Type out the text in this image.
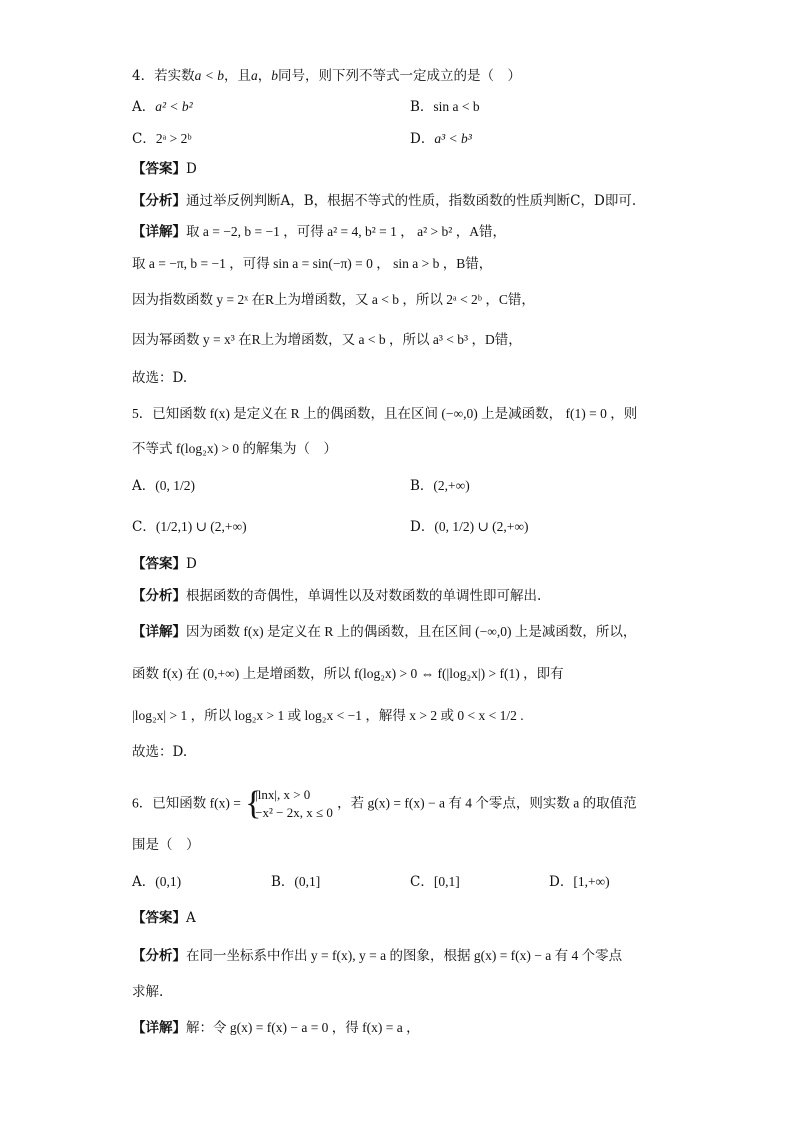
4．若实数a < b，且a，b同号，则下列不等式一定成立的是（　）
A．a² < b²	B．sin a < b
C．2ᵃ > 2ᵇ	D．a³ < b³
【答案】D
【分析】通过举反例判断A，B，根据不等式的性质，指数函数的性质判断C，D即可.
【详解】取 a = −2, b = −1 ，可得 a² = 4, b² = 1 ， a² > b² ，A错，
取 a = −π, b = −1 ，可得 sin a = sin(−π) = 0 ， sin a > b ，B错，
因为指数函数 y = 2ˣ 在R上为增函数，又 a < b ，所以 2ᵃ < 2ᵇ ，C错，
因为幂函数 y = x³ 在R上为增函数，又 a < b ，所以 a³ < b³ ，D错，
故选：D.
5．已知函数 f(x) 是定义在 R 上的偶函数，且在区间 (−∞,0) 上是减函数， f(1) = 0 ，则
不等式 f(log₂x) > 0 的解集为（　）
A．(0, 1/2)	B．(2,+∞)
C．(1/2,1) ∪ (2,+∞)	D．(0, 1/2) ∪ (2,+∞)
【答案】D
【分析】根据函数的奇偶性，单调性以及对数函数的单调性即可解出.
【详解】因为函数 f(x) 是定义在 R 上的偶函数，且在区间 (−∞,0) 上是减函数，所以，
函数 f(x) 在 (0,+∞) 上是增函数，所以 f(log₂x) > 0 ⇔ f(|log₂x|) > f(1) ，即有
|log₂x| > 1 ，所以 log₂x > 1 或 log₂x < −1 ，解得 x > 2 或 0 < x < 1/2 .
故选：D.
6．已知函数 f(x) = {
|lnx|, x > 0
−x² − 2x, x ≤ 0
，若 g(x) = f(x) − a 有 4 个零点，则实数 a 的取值范
围是（　）
A．(0,1)	B．(0,1]	C．[0,1]	D．[1,+∞)
【答案】A
【分析】在同一坐标系中作出 y = f(x), y = a 的图象，根据 g(x) = f(x) − a 有 4 个零点
求解.
【详解】解：令 g(x) = f(x) − a = 0 ，得 f(x) = a ，
